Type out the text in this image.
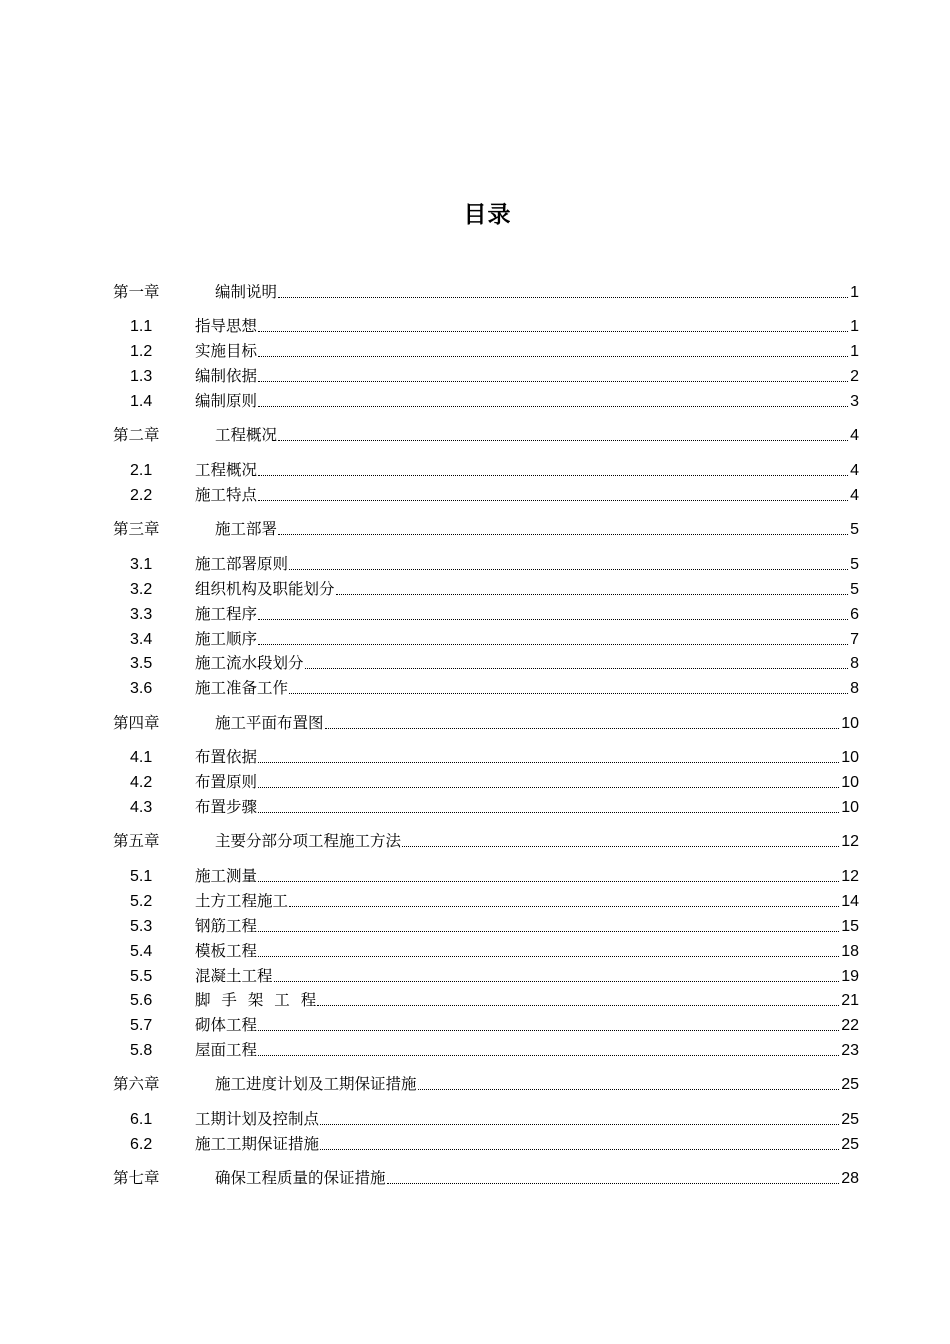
目录
第一章	编制说明	1
1.1	指导思想	1
1.2	实施目标	1
1.3	编制依据	2
1.4	编制原则	3
第二章	工程概况	4
2.1	工程概况	4
2.2	施工特点	4
第三章	施工部署	5
3.1	施工部署原则	5
3.2	组织机构及职能划分	5
3.3	施工程序	6
3.4	施工顺序	7
3.5	施工流水段划分	8
3.6	施工准备工作	8
第四章	施工平面布置图	10
4.1	布置依据	10
4.2	布置原则	10
4.3	布置步骤	10
第五章	主要分部分项工程施工方法	12
5.1	施工测量	12
5.2	土方工程施工	14
5.3	钢筋工程	15
5.4	模板工程	18
5.5	混凝土工程	19
5.6	脚 手 架 工 程	21
5.7	砌体工程	22
5.8	屋面工程	23
第六章	施工进度计划及工期保证措施	25
6.1	工期计划及控制点	25
6.2	施工工期保证措施	25
第七章	确保工程质量的保证措施	28
